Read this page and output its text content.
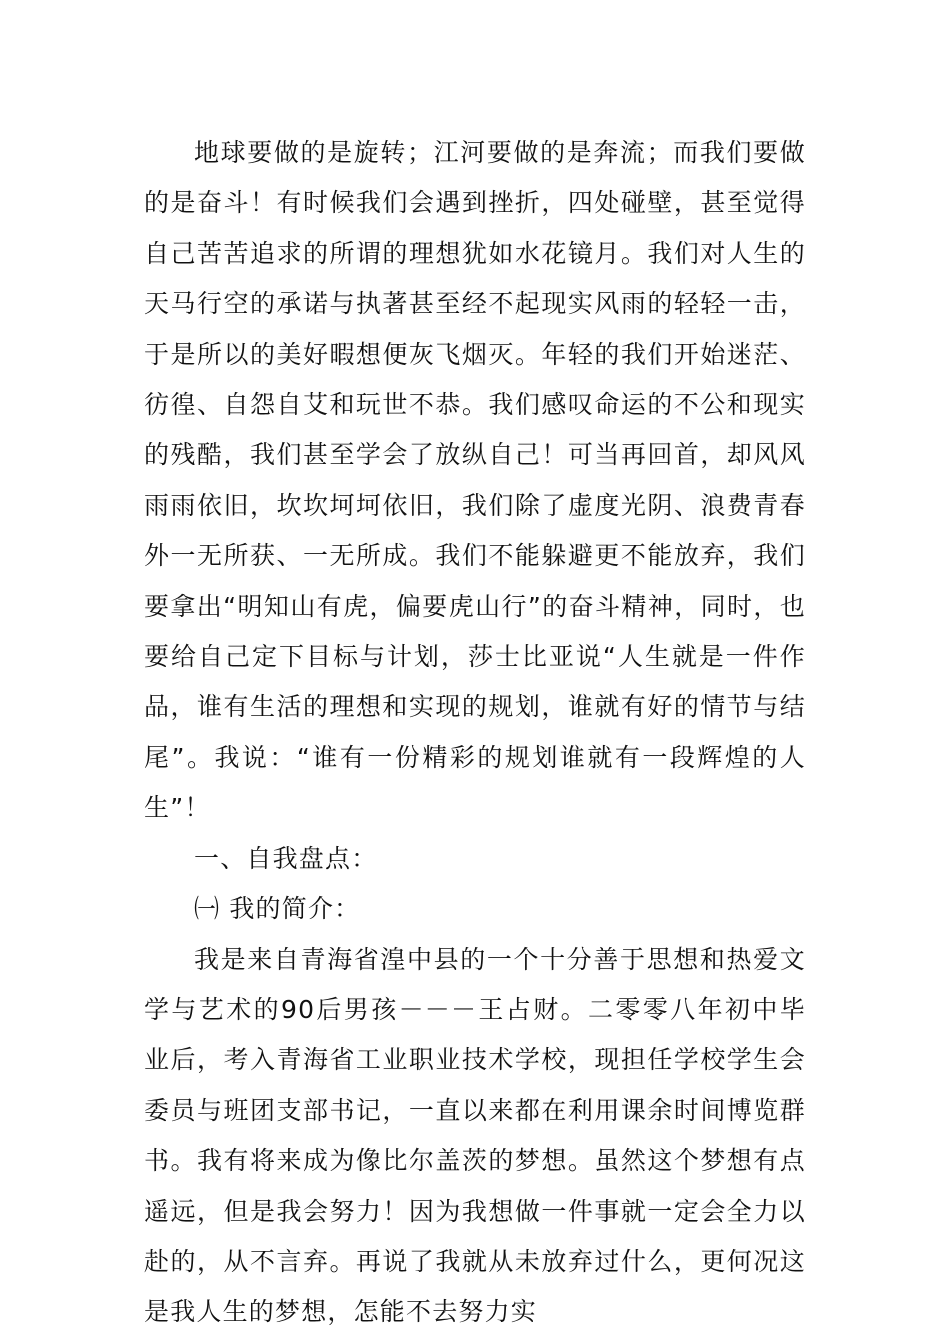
地球要做的是旋转；江河要做的是奔流；而我们要做的是奋斗！有时候我们会遇到挫折，四处碰壁，甚至觉得自己苦苦追求的所谓的理想犹如水花镜月。我们对人生的天马行空的承诺与执著甚至经不起现实风雨的轻轻一击，于是所以的美好暇想便灰飞烟灭。年轻的我们开始迷茫、彷徨、自怨自艾和玩世不恭。我们感叹命运的不公和现实的残酷，我们甚至学会了放纵自己！可当再回首，却风风雨雨依旧，坎坎坷坷依旧，我们除了虚度光阴、浪费青春外一无所获、一无所成。我们不能躲避更不能放弃，我们要拿出“明知山有虎，偏要虎山行”的奋斗精神，同时，也要给自己定下目标与计划，莎士比亚说“人生就是一件作品，谁有生活的理想和实现的规划，谁就有好的情节与结尾”。我说：“谁有一份精彩的规划谁就有一段辉煌的人生”！

一、自我盘点：

㈠ 我的简介：

我是来自青海省湟中县的一个十分善于思想和热爱文学与艺术的90后男孩－－－王占财。二零零八年初中毕业后，考入青海省工业职业技术学校，现担任学校学生会委员与班团支部书记，一直以来都在利用课余时间博览群书。我有将来成为像比尔盖茨的梦想。虽然这个梦想有点遥远，但是我会努力！因为我想做一件事就一定会全力以赴的，从不言弃。再说了我就从未放弃过什么，更何况这是我人生的梦想，怎能不去努力实
